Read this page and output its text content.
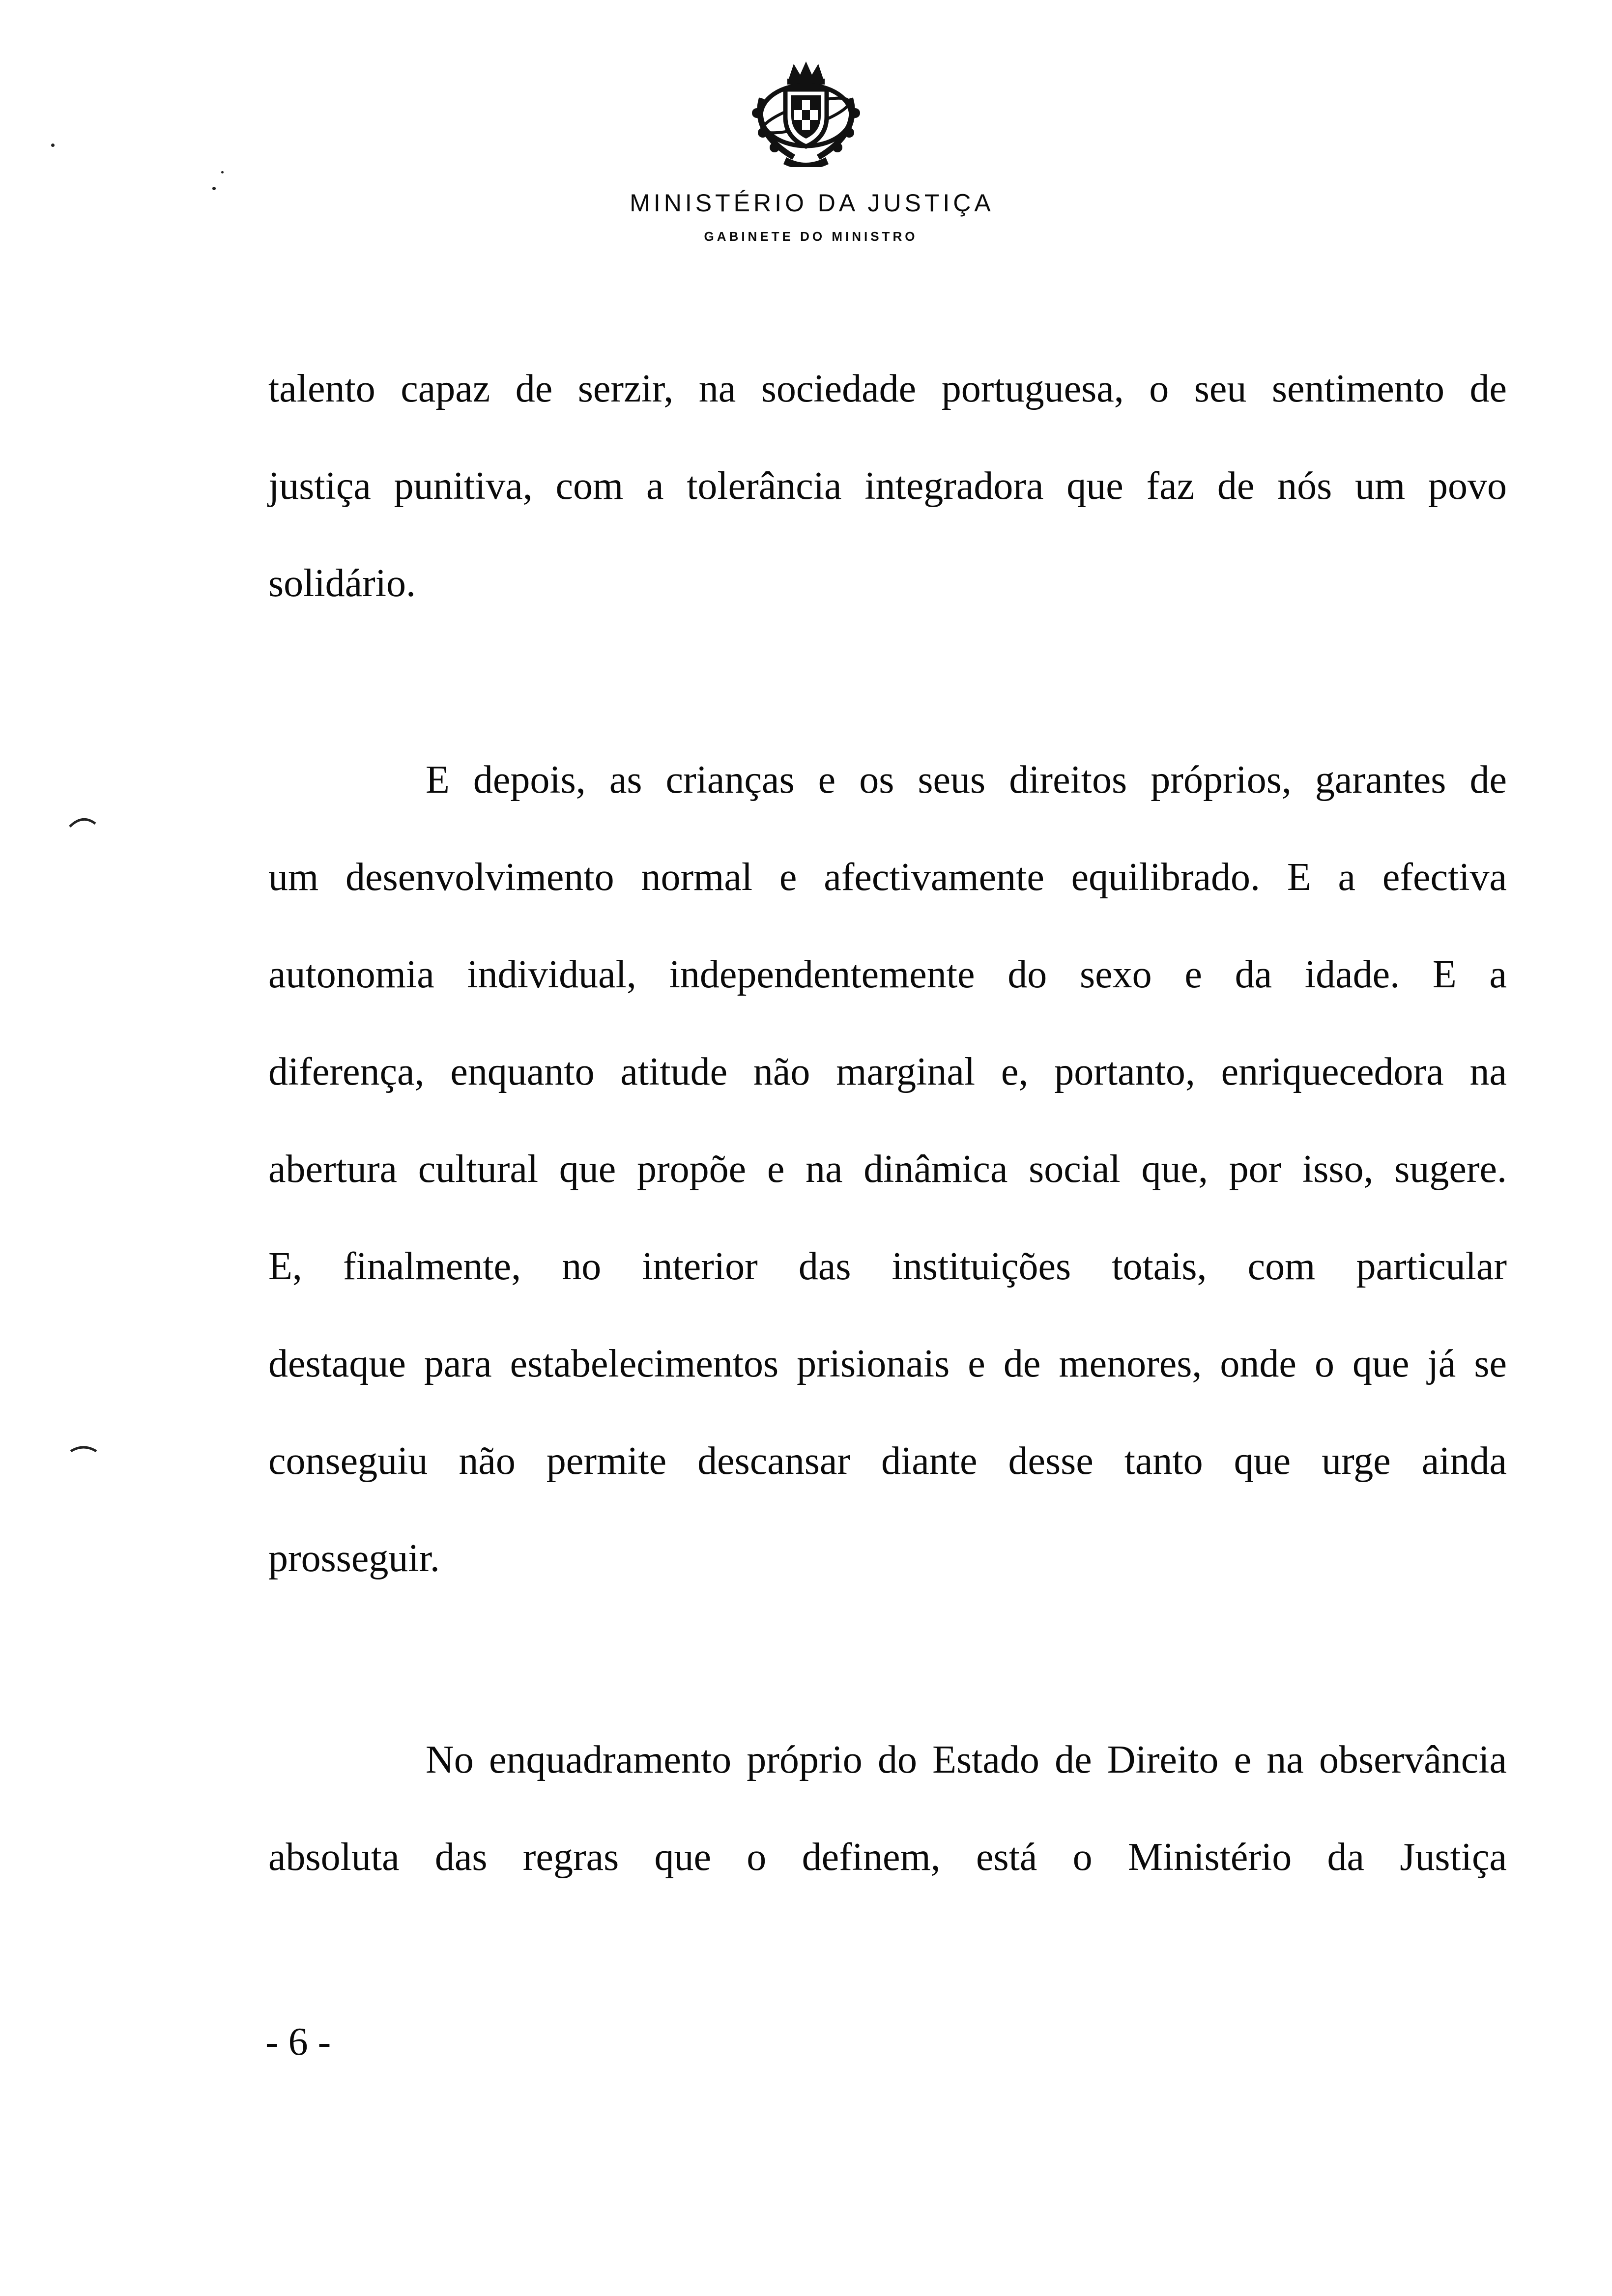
MINISTÉRIO DA JUSTIÇA
GABINETE DO MINISTRO
talento capaz de serzir, na sociedade portuguesa, o seu sentimento de
justiça punitiva, com a tolerância integradora que faz de nós um povo
solidário.
E depois, as crianças e os seus direitos próprios, garantes de
um desenvolvimento normal e afectivamente equilibrado. E a efectiva
autonomia individual, independentemente do sexo e da idade. E a
diferença, enquanto atitude não marginal e, portanto, enriquecedora na
abertura cultural que propõe e na dinâmica social que, por isso, sugere.
E, finalmente, no interior das instituições totais, com particular
destaque para estabelecimentos prisionais e de menores, onde o que já se
conseguiu não permite descansar diante desse tanto que urge ainda
prosseguir.
No enquadramento próprio do Estado de Direito e na observância
absoluta das regras que o definem, está o Ministério da Justiça
- 6 -
